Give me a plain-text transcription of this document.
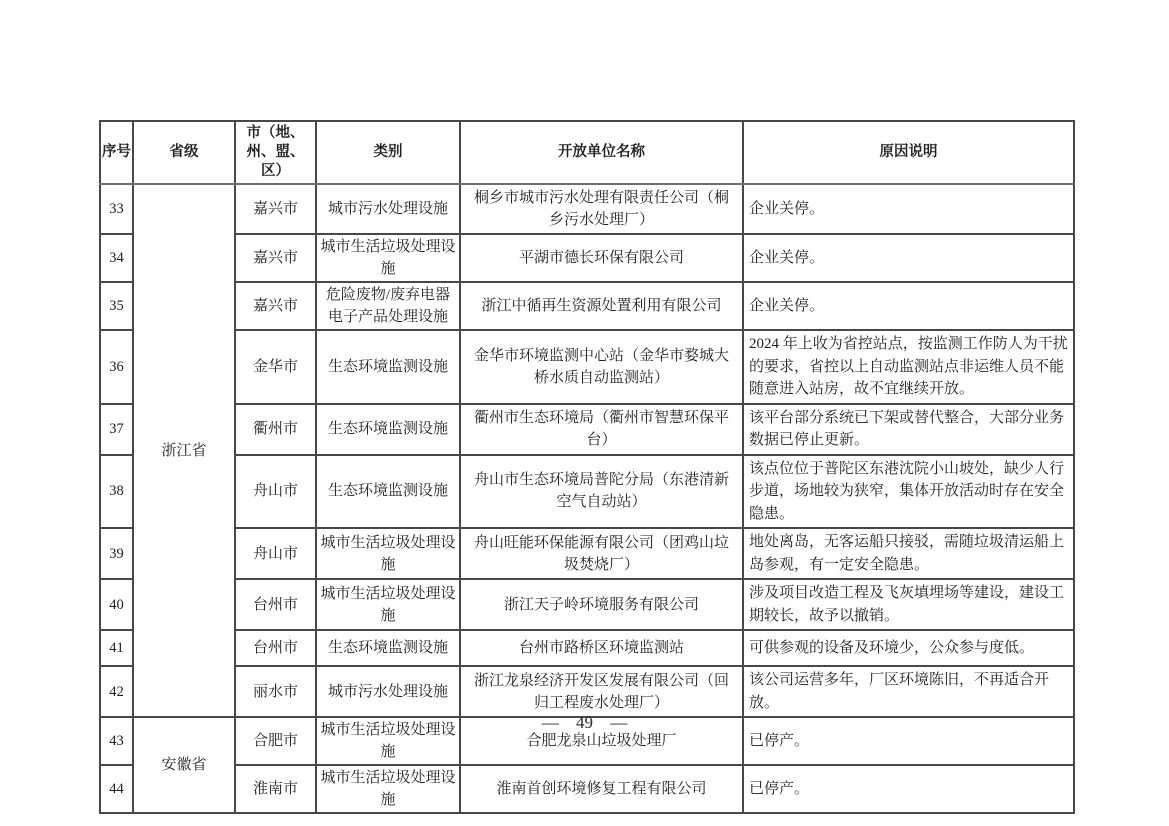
序号	省级	市（地、州、盟、区）	类别	开放单位名称	原因说明
33	浙江省	嘉兴市	城市污水处理设施	桐乡市城市污水处理有限责任公司（桐乡污水处理厂）	企业关停。
34		嘉兴市	城市生活垃圾处理设施	平湖市德长环保有限公司	企业关停。
35		嘉兴市	危险废物/废弃电器电子产品处理设施	浙江中循再生资源处置利用有限公司	企业关停。
36		金华市	生态环境监测设施	金华市环境监测中心站（金华市婺城大桥水质自动监测站）	2024 年上收为省控站点，按监测工作防人为干扰的要求，省控以上自动监测站点非运维人员不能随意进入站房，故不宜继续开放。
37		衢州市	生态环境监测设施	衢州市生态环境局（衢州市智慧环保平台）	该平台部分系统已下架或替代整合，大部分业务数据已停止更新。
38		舟山市	生态环境监测设施	舟山市生态环境局普陀分局（东港清新空气自动站）	该点位位于普陀区东港沈院小山坡处，缺少人行步道，场地较为狭窄，集体开放活动时存在安全隐患。
39		舟山市	城市生活垃圾处理设施	舟山旺能环保能源有限公司（团鸡山垃圾焚烧厂）	地处离岛，无客运船只接驳，需随垃圾清运船上岛参观，有一定安全隐患。
40		台州市	城市生活垃圾处理设施	浙江天子岭环境服务有限公司	涉及项目改造工程及飞灰填埋场等建设，建设工期较长，故予以撤销。
41		台州市	生态环境监测设施	台州市路桥区环境监测站	可供参观的设备及环境少，公众参与度低。
42		丽水市	城市污水处理设施	浙江龙泉经济开发区发展有限公司（回归工程废水处理厂）	该公司运营多年，厂区环境陈旧，不再适合开放。
43	安徽省	合肥市	城市生活垃圾处理设施	合肥龙泉山垃圾处理厂	已停产。
44		淮南市	城市生活垃圾处理设施	淮南首创环境修复工程有限公司	已停产。
— 49 —
